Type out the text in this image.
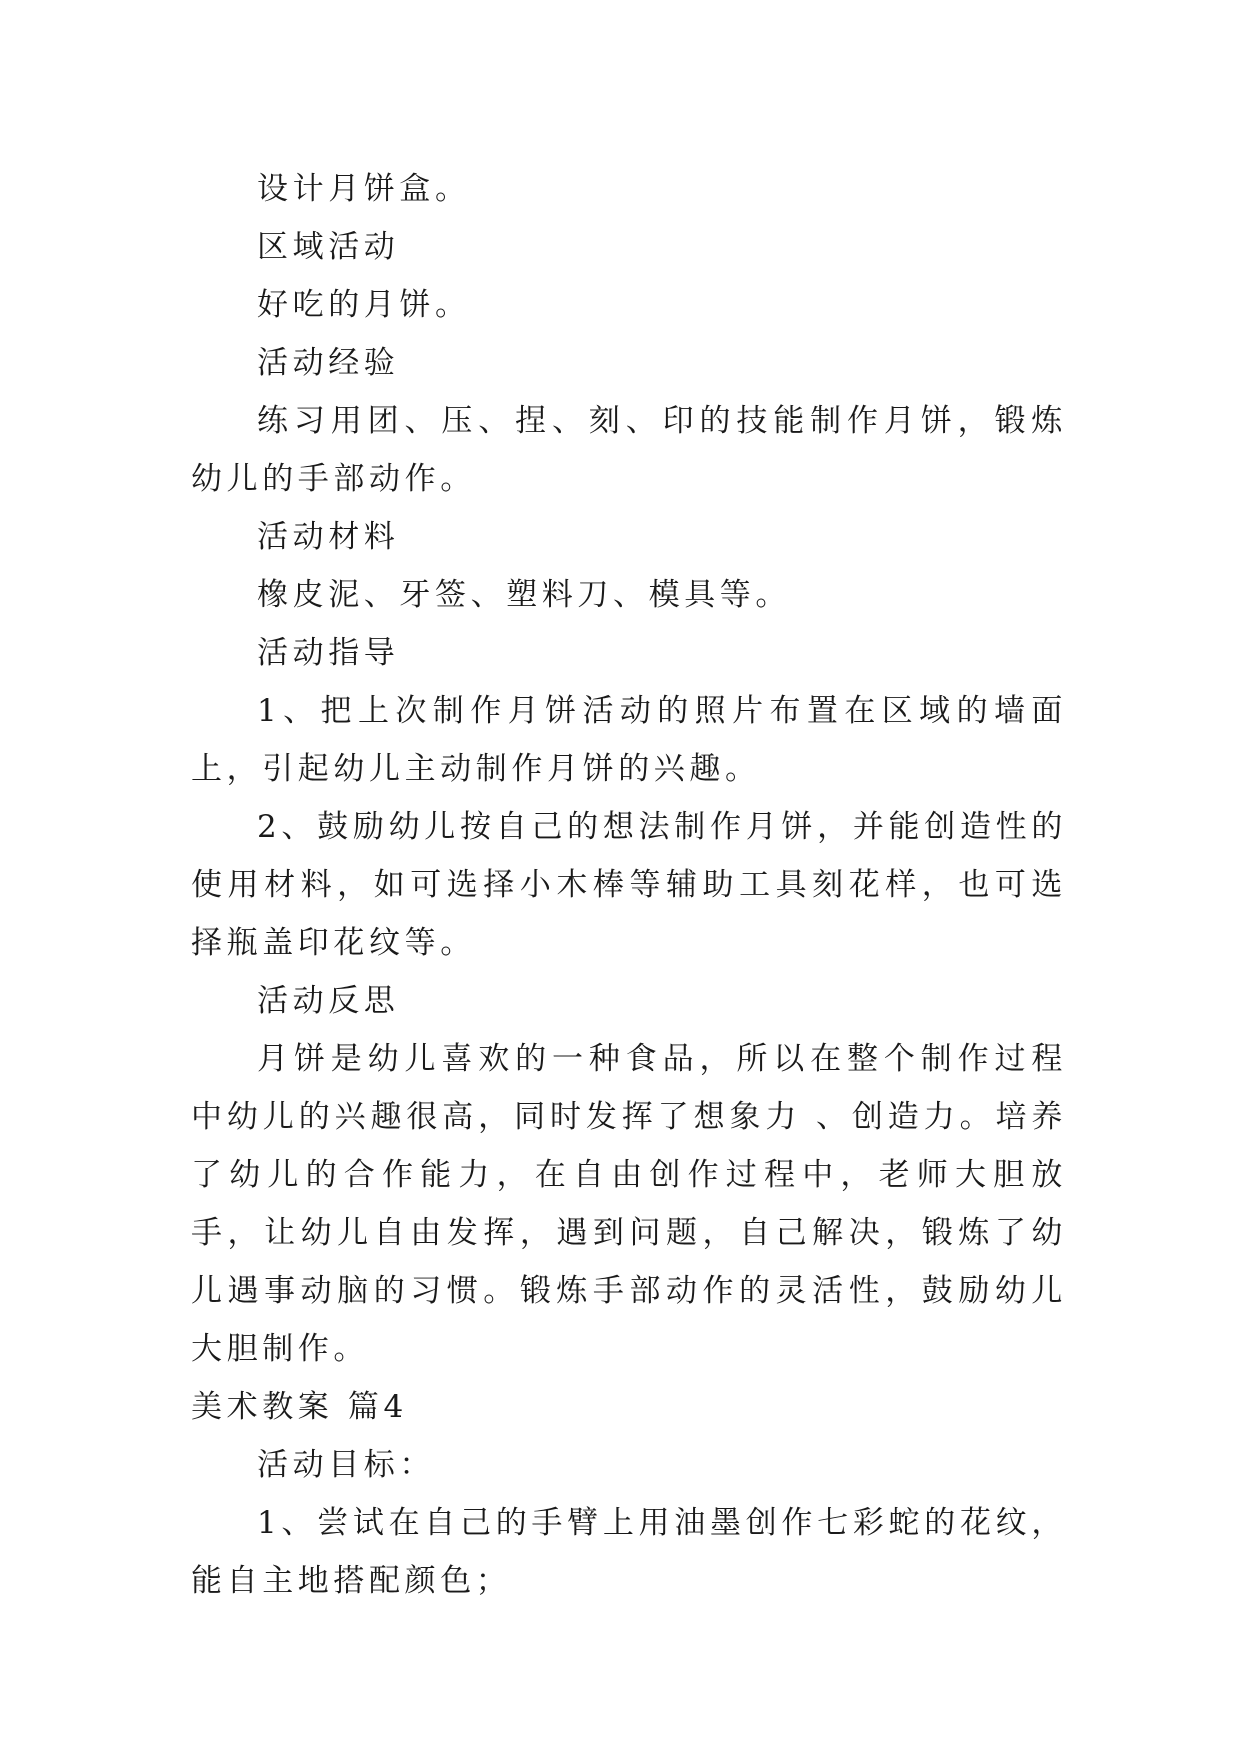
设计月饼盒。

区域活动

好吃的月饼。

活动经验

练习用团、压、捏、刻、印的技能制作月饼，锻炼幼儿的手部动作。

活动材料

橡皮泥、牙签、塑料刀、模具等。

活动指导

1、把上次制作月饼活动的照片布置在区域的墙面上，引起幼儿主动制作月饼的兴趣。

2、鼓励幼儿按自己的想法制作月饼，并能创造性的使用材料，如可选择小木棒等辅助工具刻花样，也可选择瓶盖印花纹等。

活动反思

月饼是幼儿喜欢的一种食品，所以在整个制作过程中幼儿的兴趣很高，同时发挥了想象力 、创造力。培养了幼儿的合作能力，在自由创作过程中，老师大胆放手，让幼儿自由发挥，遇到问题，自己解决，锻炼了幼儿遇事动脑的习惯。锻炼手部动作的灵活性，鼓励幼儿大胆制作。

美术教案 篇4

活动目标：

1、尝试在自己的手臂上用油墨创作七彩蛇的花纹，能自主地搭配颜色；
